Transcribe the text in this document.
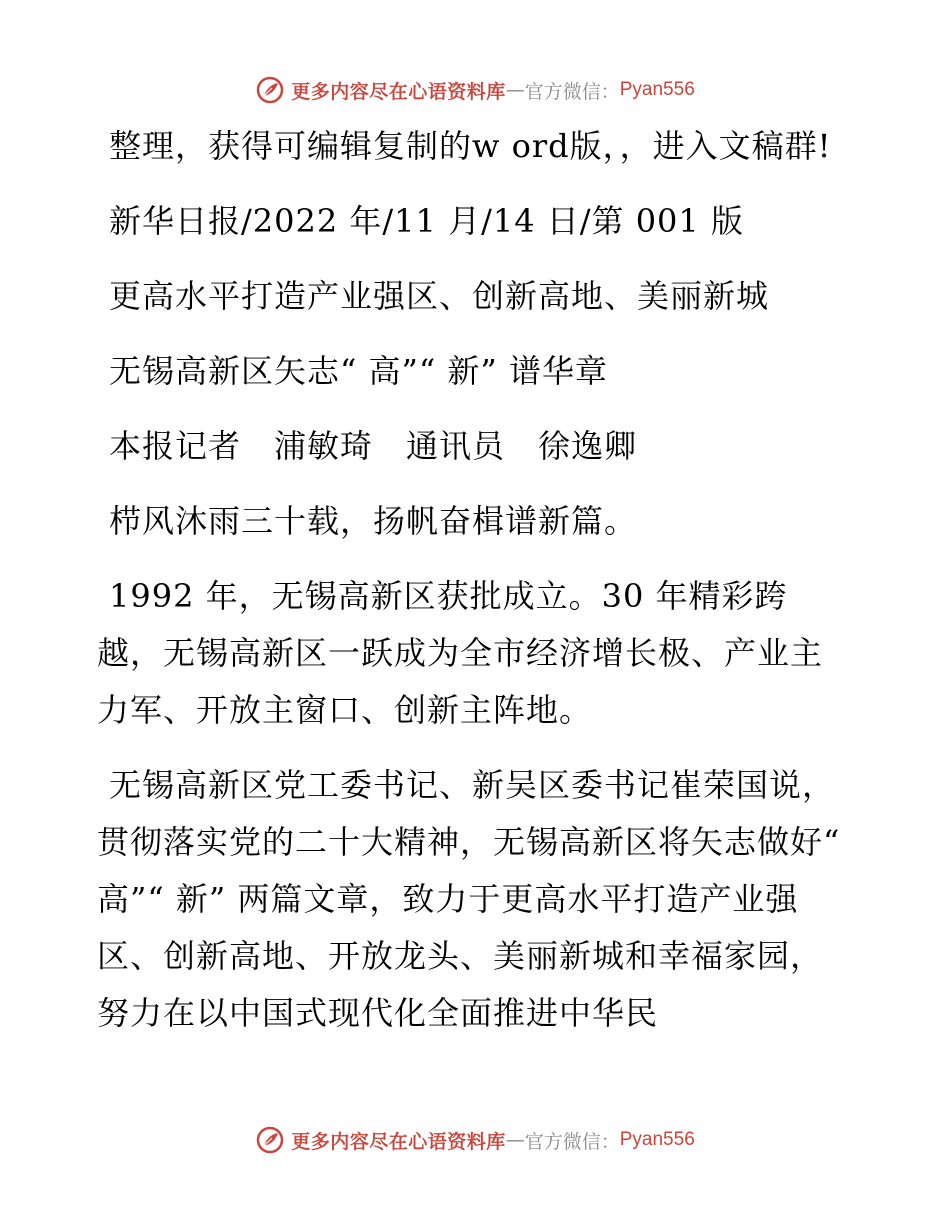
更多内容尽在心语资料库 — 官方微信： Pyan556

整理，获得可编辑复制的w ord版，，进入文稿群!

新华日报/2022 年/11 月/14 日/第 001 版

更高水平打造产业强区、创新高地、美丽新城

无锡高新区矢志“ 高”“ 新” 谱华章

本报记者　浦敏琦　通讯员　徐逸卿

栉风沐雨三十载，扬帆奋楫谱新篇。

1992 年，无锡高新区获批成立。30 年精彩跨越，无锡高新区一跃成为全市经济增长极、产业主力军、开放主窗口、创新主阵地。

无锡高新区党工委书记、新吴区委书记崔荣国说，贯彻落实党的二十大精神，无锡高新区将矢志做好“ 高”“ 新” 两篇文章，致力于更高水平打造产业强区、创新高地、开放龙头、美丽新城和幸福家园，努力在以中国式现代化全面推进中华民

更多内容尽在心语资料库 — 官方微信： Pyan556
